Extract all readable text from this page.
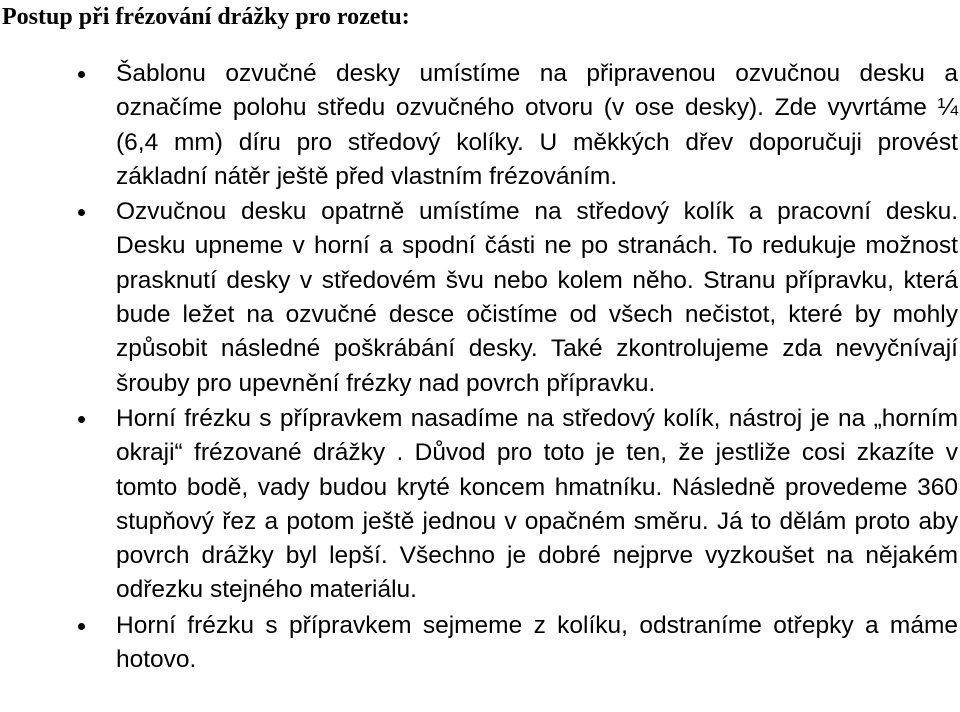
Postup při frézování drážky pro rozetu:

Šablonu ozvučné desky umístíme na připravenou ozvučnou desku a označíme polohu středu ozvučného otvoru (v ose desky). Zde vyvrtáme ¼ (6,4 mm) díru pro středový kolíky. U měkkých dřev doporučuji provést základní nátěr ještě před vlastním frézováním.

Ozvučnou desku opatrně umístíme na středový kolík a pracovní desku. Desku upneme v horní a spodní části ne po stranách. To redukuje možnost prasknutí desky v středovém švu nebo kolem něho. Stranu přípravku, která bude ležet na ozvučné desce očistíme od všech nečistot, které by mohly způsobit následné poškrábání desky. Také zkontrolujeme zda nevyčnívají šrouby pro upevnění frézky nad povrch přípravku.

Horní frézku s přípravkem nasadíme na středový kolík, nástroj je na „horním okraji“ frézované drážky . Důvod pro toto je ten, že jestliže cosi zkazíte v tomto bodě, vady budou kryté koncem hmatníku. Následně provedeme 360 stupňový řez a potom ještě jednou v opačném směru. Já to dělám proto aby povrch drážky byl lepší. Všechno je dobré nejprve vyzkoušet na nějakém odřezku stejného materiálu.

Horní frézku s přípravkem sejmeme z kolíku, odstraníme otřepky a máme hotovo.
